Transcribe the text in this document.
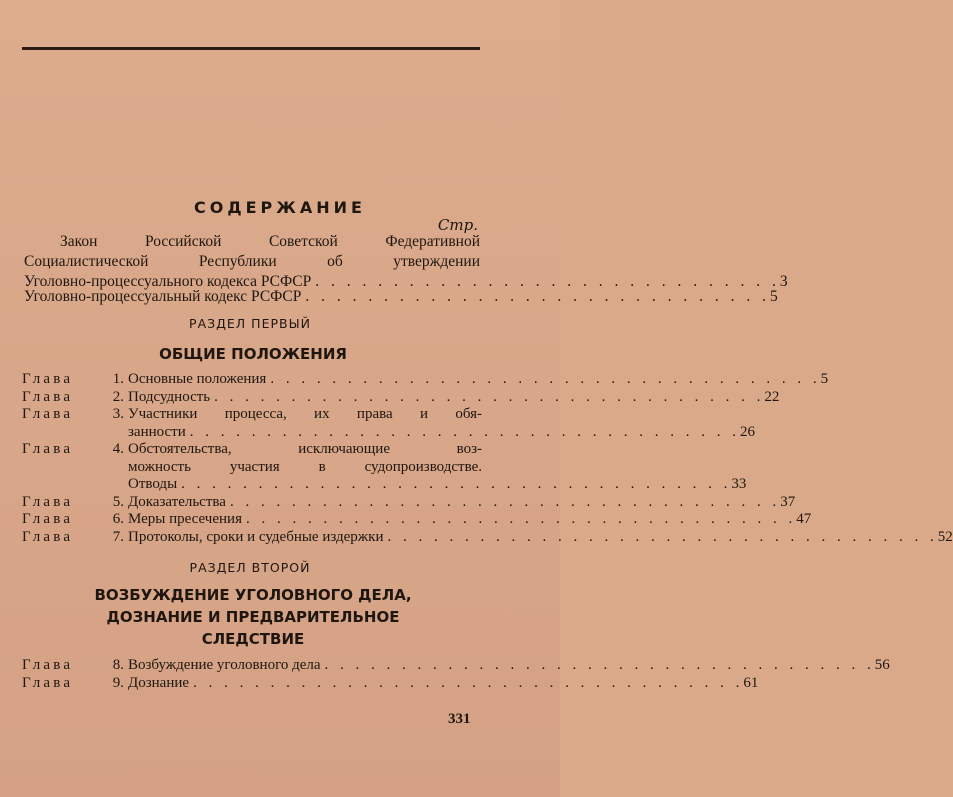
СОДЕРЖАНИЕ
Стр.
Закон Российской Советской Федеративной
Социалистической Республики об утверждении
Уголовно-процессуального кодекса РСФСР . . . . . . . . . . . . . . . . . . . . . . . . . . . . . . 3
Уголовно-процессуальный кодекс РСФСР . . . . . . . . . . . . . . . . . . . . . . . . . . . . . . 5
РАЗДЕЛ ПЕРВЫЙ
ОБЩИЕ ПОЛОЖЕНИЯ
Глава	1. Основные положения . . . . . . . . . . . . . . . . . . . . . . . . . . . . . . . . . . . . 5
Глава	2. Подсудность . . . . . . . . . . . . . . . . . . . . . . . . . . . . . . . . . . . . 22
Глава	3. Участники процесса, их права и обя-
занности . . . . . . . . . . . . . . . . . . . . . . . . . . . . . . . . . . . . 26
Глава	4. Обстоятельства, исключающие воз-
можность участия в судопроизводстве.
Отводы . . . . . . . . . . . . . . . . . . . . . . . . . . . . . . . . . . . . 33
Глава	5. Доказательства . . . . . . . . . . . . . . . . . . . . . . . . . . . . . . . . . . . . 37
Глава	6. Меры пресечения . . . . . . . . . . . . . . . . . . . . . . . . . . . . . . . . . . . . 47
Глава	7. Протоколы, сроки и судебные издержки . . . . . . . . . . . . . . . . . . . . . . . . . . . . . . . . . . . . 52
РАЗДЕЛ ВТОРОЙ
ВОЗБУЖДЕНИЕ УГОЛОВНОГО ДЕЛА,
ДОЗНАНИЕ И ПРЕДВАРИТЕЛЬНОЕ
СЛЕДСТВИЕ
Глава	8. Возбуждение уголовного дела . . . . . . . . . . . . . . . . . . . . . . . . . . . . . . . . . . . . 56
Глава	9. Дознание . . . . . . . . . . . . . . . . . . . . . . . . . . . . . . . . . . . . 61
331
